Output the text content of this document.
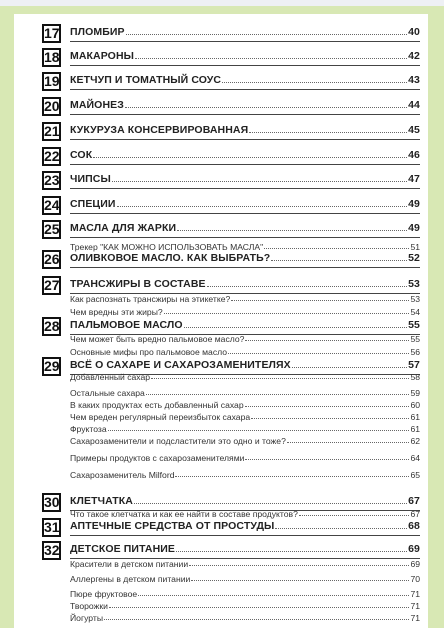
17 ПЛОМБИР	40
18 МАКАРОНЫ	42
19 КЕТЧУП И ТОМАТНЫЙ СОУС	43
20 МАЙОНЕЗ	44
21 КУКУРУЗА КОНСЕРВИРОВАННАЯ	45
22 СОК	46
23 ЧИПСЫ	47
24 СПЕЦИИ	49
25 МАСЛА ДЛЯ ЖАРКИ	49
Трекер "КАК МОЖНО ИСПОЛЬЗОВАТЬ МАСЛА"	51
26 ОЛИВКОВОЕ МАСЛО. КАК ВЫБРАТЬ?	52
27 ТРАНСЖИРЫ В СОСТАВЕ	53
Как распознать трансжиры на этикетке?	53
Чем вредны эти жиры?	54
28 ПАЛЬМОВОЕ МАСЛО	55
Чем может быть вредно пальмовое масло?	55
Основные мифы про пальмовое масло	56
29 ВСЁ О САХАРЕ И САХАРОЗАМЕНИТЕЛЯХ	57
Добавленный сахар	58
Остальные сахара	59
В каких продуктах есть добавленный сахар	60
Чем вреден регулярный переизбыток сахара	61
Фруктоза	61
Сахарозаменители и подсластители это одно и тоже?	62
Примеры продуктов с сахарозаменителями	64
Сахарозаменитель Milford	65
30 КЛЕТЧАТКА	67
Что такое клетчатка и как ее найти в составе продуктов?	67
31 АПТЕЧНЫЕ СРЕДСТВА ОТ ПРОСТУДЫ	68
32 ДЕТСКОЕ ПИТАНИЕ	69
Красители в детском питании	69
Аллергены в детском питании	70
Пюре фруктовое	71
Творожки	71
Йогурты	71
